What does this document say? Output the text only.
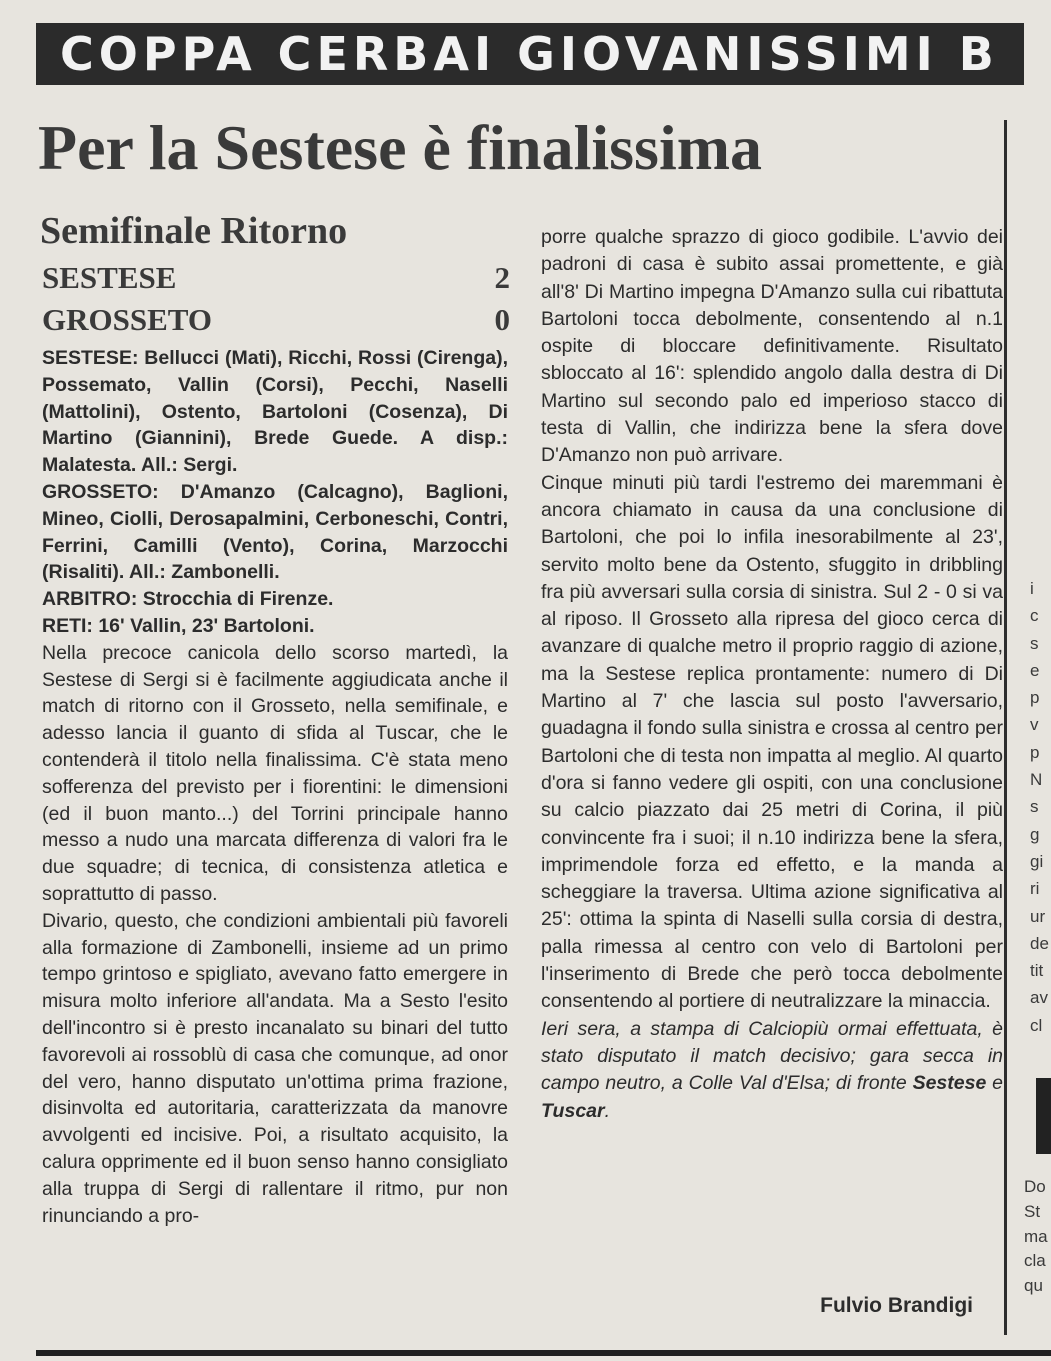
COPPA CERBAI GIOVANISSIMI B
Per la Sestese è finalissima
Semifinale Ritorno
SESTESE	2
GROSSETO	0

SESTESE: Bellucci (Mati), Ricchi, Rossi (Cirenga), Possemato, Vallin (Corsi), Pecchi, Naselli (Mattolini), Ostento, Bartoloni (Cosenza), Di Martino (Giannini), Brede Guede. A disp.: Malatesta. All.: Sergi.

GROSSETO: D'Amanzo (Calcagno), Baglioni, Mineo, Ciolli, Derosapalmini, Cerboneschi, Contri, Ferrini, Camilli (Vento), Corina, Marzocchi (Risaliti). All.: Zambonelli.

ARBITRO: Strocchia di Firenze.

RETI: 16' Vallin, 23' Bartoloni.

Nella precoce canicola dello scorso martedì, la Sestese di Sergi si è facilmente aggiudicata anche il match di ritorno con il Grosseto, nella semifinale, e adesso lancia il guanto di sfida al Tuscar, che le contenderà il titolo nella finalissima. C'è stata meno sofferenza del previsto per i fiorentini: le dimensioni (ed il buon manto...) del Torrini principale hanno messo a nudo una marcata differenza di valori fra le due squadre; di tecnica, di consistenza atletica e soprattutto di passo.

Divario, questo, che condizioni ambientali più favoreli alla formazione di Zambonelli, insieme ad un primo tempo grintoso e spigliato, avevano fatto emergere in misura molto inferiore all'andata. Ma a Sesto l'esito dell'incontro si è presto incanalato su binari del tutto favorevoli ai rossoblù di casa che comunque, ad onor del vero, hanno disputato un'ottima prima frazione, disinvolta ed autoritaria, caratterizzata da manovre avvolgenti ed incisive. Poi, a risultato acquisito, la calura opprimente ed il buon senso hanno consigliato alla truppa di Sergi di rallentare il ritmo, pur non rinunciando a pro-

porre qualche sprazzo di gioco godibile. L'avvio dei padroni di casa è subito assai promettente, e già all'8' Di Martino impegna D'Amanzo sulla cui ribattuta Bartoloni tocca debolmente, consentendo al n.1 ospite di bloccare definitivamente. Risultato sbloccato al 16': splendido angolo dalla destra di Di Martino sul secondo palo ed imperioso stacco di testa di Vallin, che indirizza bene la sfera dove D'Amanzo non può arrivare.

Cinque minuti più tardi l'estremo dei maremmani è ancora chiamato in causa da una conclusione di Bartoloni, che poi lo infila inesorabilmente al 23', servito molto bene da Ostento, sfuggito in dribbling fra più avversari sulla corsia di sinistra. Sul 2 - 0 si va al riposo. Il Grosseto alla ripresa del gioco cerca di avanzare di qualche metro il proprio raggio di azione, ma la Sestese replica prontamente: numero di Di Martino al 7' che lascia sul posto l'avversario, guadagna il fondo sulla sinistra e crossa al centro per Bartoloni che di testa non impatta al meglio. Al quarto d'ora si fanno vedere gli ospiti, con una conclusione su calcio piazzato dai 25 metri di Corina, il più convincente fra i suoi; il n.10 indirizza bene la sfera, imprimendole forza ed effetto, e la manda a scheggiare la traversa. Ultima azione significativa al 25': ottima la spinta di Naselli sulla corsia di destra, palla rimessa al centro con velo di Bartoloni per l'inserimento di Brede che però tocca debolmente consentendo al portiere di neutralizzare la minaccia.

Ieri sera, a stampa di Calciopiù ormai effettuata, è stato disputato il match decisivo; gara secca in campo neutro, a Colle Val d'Elsa; di fronte Sestese e Tuscar.

Fulvio Brandigi
i
c
s
e
p
v
p
N
s
g
gi
ri
ur
de
tit
av
cl
Do
St
ma
cla
qu
